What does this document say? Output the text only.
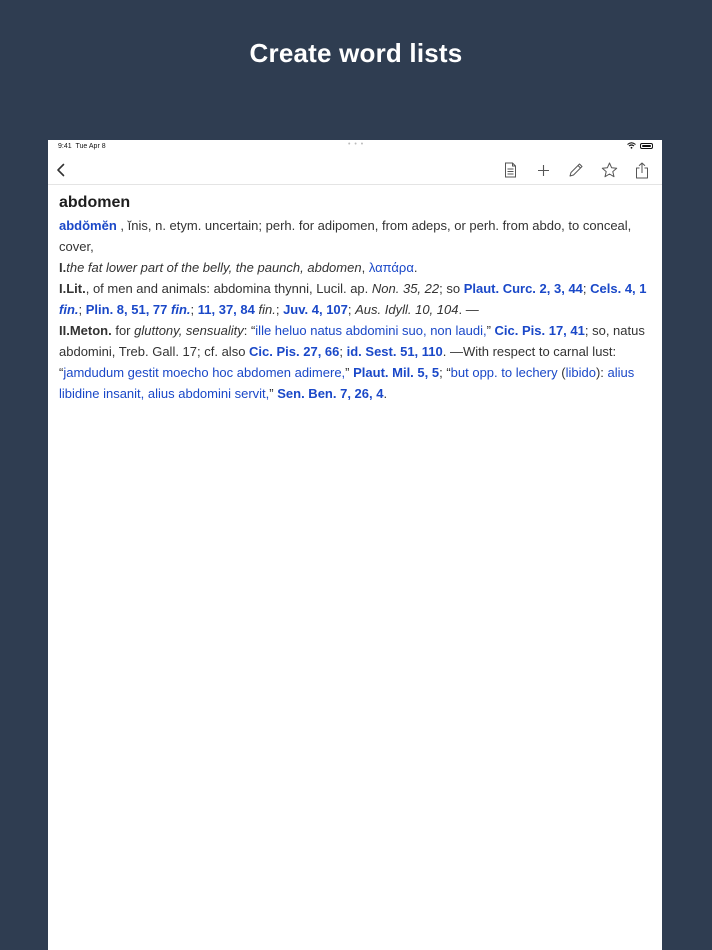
Create word lists
9:41 Tue Apr 8	• • •
abdomen

abdŏmĕn , ĭnis, n. etym. uncertain; perh. for adipomen, from adeps, or perh. from abdo, to conceal, cover,

I.the fat lower part of the belly, the paunch, abdomen, λαπάρα.

I.Lit., of men and animals: abdomina thynni, Lucil. ap. Non. 35, 22; so Plaut. Curc. 2, 3, 44; Cels. 4, 1 fin.; Plin. 8, 51, 77 fin.; 11, 37, 84 fin.; Juv. 4, 107; Aus. Idyll. 10, 104. —

II.Meton. for gluttony, sensuality: “ille heluo natus abdomini suo, non laudi,” Cic. Pis. 17, 41; so, natus abdomini, Treb. Gall. 17; cf. also Cic. Pis. 27, 66; id. Sest. 51, 110. —With respect to carnal lust: “jamdudum gestit moecho hoc abdomen adimere,” Plaut. Mil. 5, 5; “but opp. to lechery (libido): alius libidine insanit, alius abdomini servit,” Sen. Ben. 7, 26, 4.
